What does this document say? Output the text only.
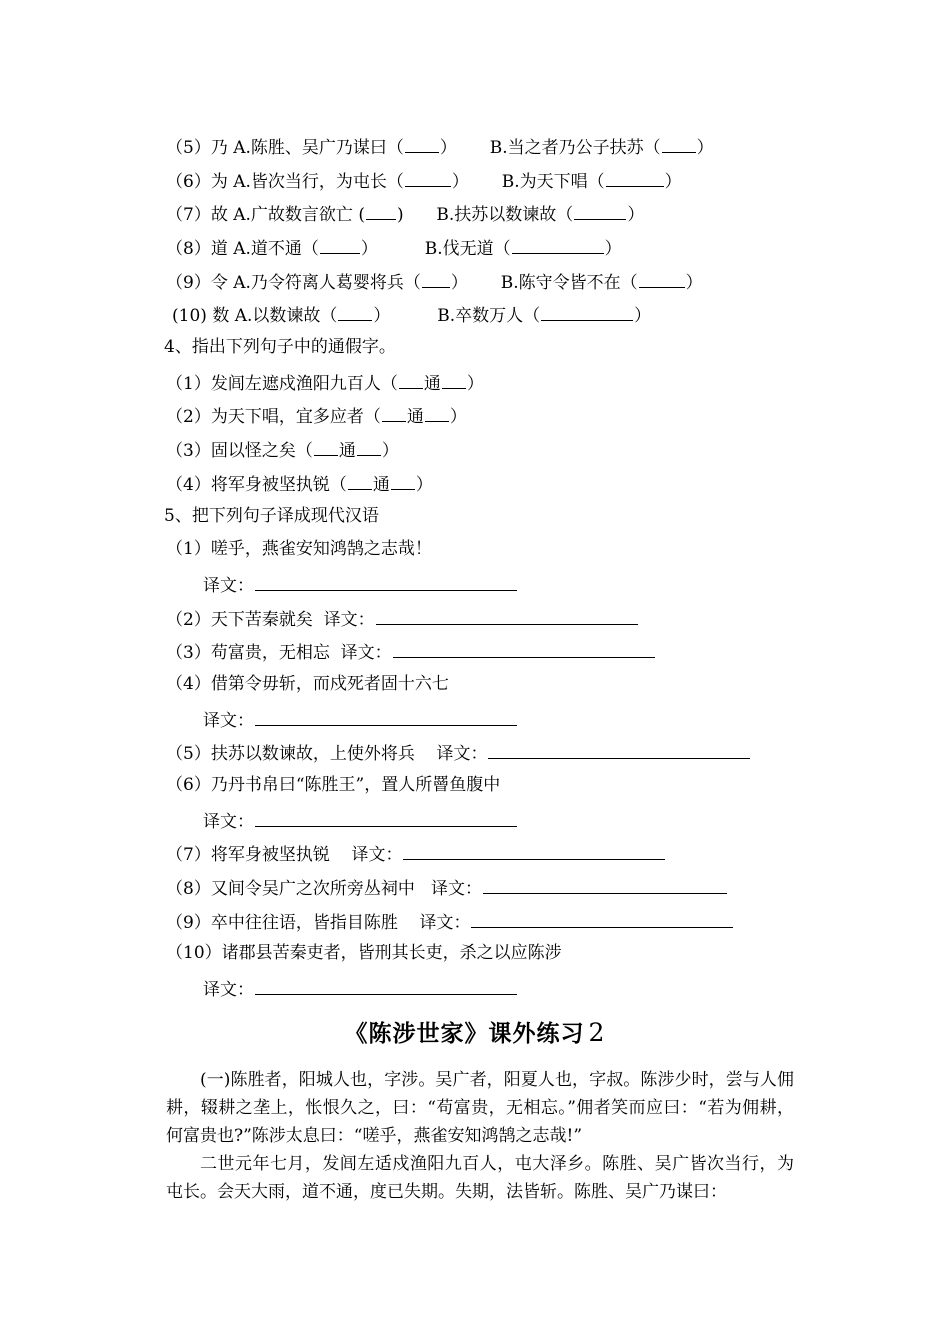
（5）乃 A.陈胜、吴广乃谋曰（ ） B.当之者乃公子扶苏（ ）
（6）为 A.皆次当行，为屯长（	） B.为天下唱（	）
（7）故 A.广故数言欲亡 ( ) B.扶苏以数谏故（	）
（8）道 A.道不通（ ）	B.伐无道（	）
（9）令 A.乃令符离人葛婴将兵（ ） B.陈守令皆不在（	）
(10) 数 A.以数谏故（ ）	B.卒数万人（	）
4、指出下列句子中的通假字。
（1）发闾左遮戍渔阳九百人（ 通 ）
（2）为天下唱，宜多应者（ 通 ）
（3）固以怪之矣（ 通 ）
（4）将军身被坚执锐（ 通 ）
5、把下列句子译成现代汉语
（1）嗟乎，燕雀安知鸿鹄之志哉！
译文：
（2）天下苦秦就矣 译文：
（3）苟富贵，无相忘 译文：
（4）借第令毋斩，而戍死者固十六七
译文：
（5）扶苏以数谏故，上使外将兵 译文：
（6）乃丹书帛曰“陈胜王”，置人所罾鱼腹中
译文：
（7）将军身被坚执锐 译文：
（8）又间令吴广之次所旁丛祠中 译文：
（9）卒中往往语，皆指目陈胜 译文：
（10）诸郡县苦秦吏者，皆刑其长吏，杀之以应陈涉
译文：
《陈涉世家》课外练习 2
(一)陈胜者，阳城人也，字涉。吴广者，阳夏人也，字叔。陈涉少时，尝与人佣耕，辍耕之垄上，怅恨久之，曰：“苟富贵，无相忘。”佣者笑而应曰：“若为佣耕，何富贵也?”陈涉太息曰：“嗟乎，燕雀安知鸿鹄之志哉!”
二世元年七月，发闾左适戍渔阳九百人，屯大泽乡。陈胜、吴广皆次当行，为屯长。会天大雨，道不通，度已失期。失期，法皆斩。陈胜、吴广乃谋曰：
